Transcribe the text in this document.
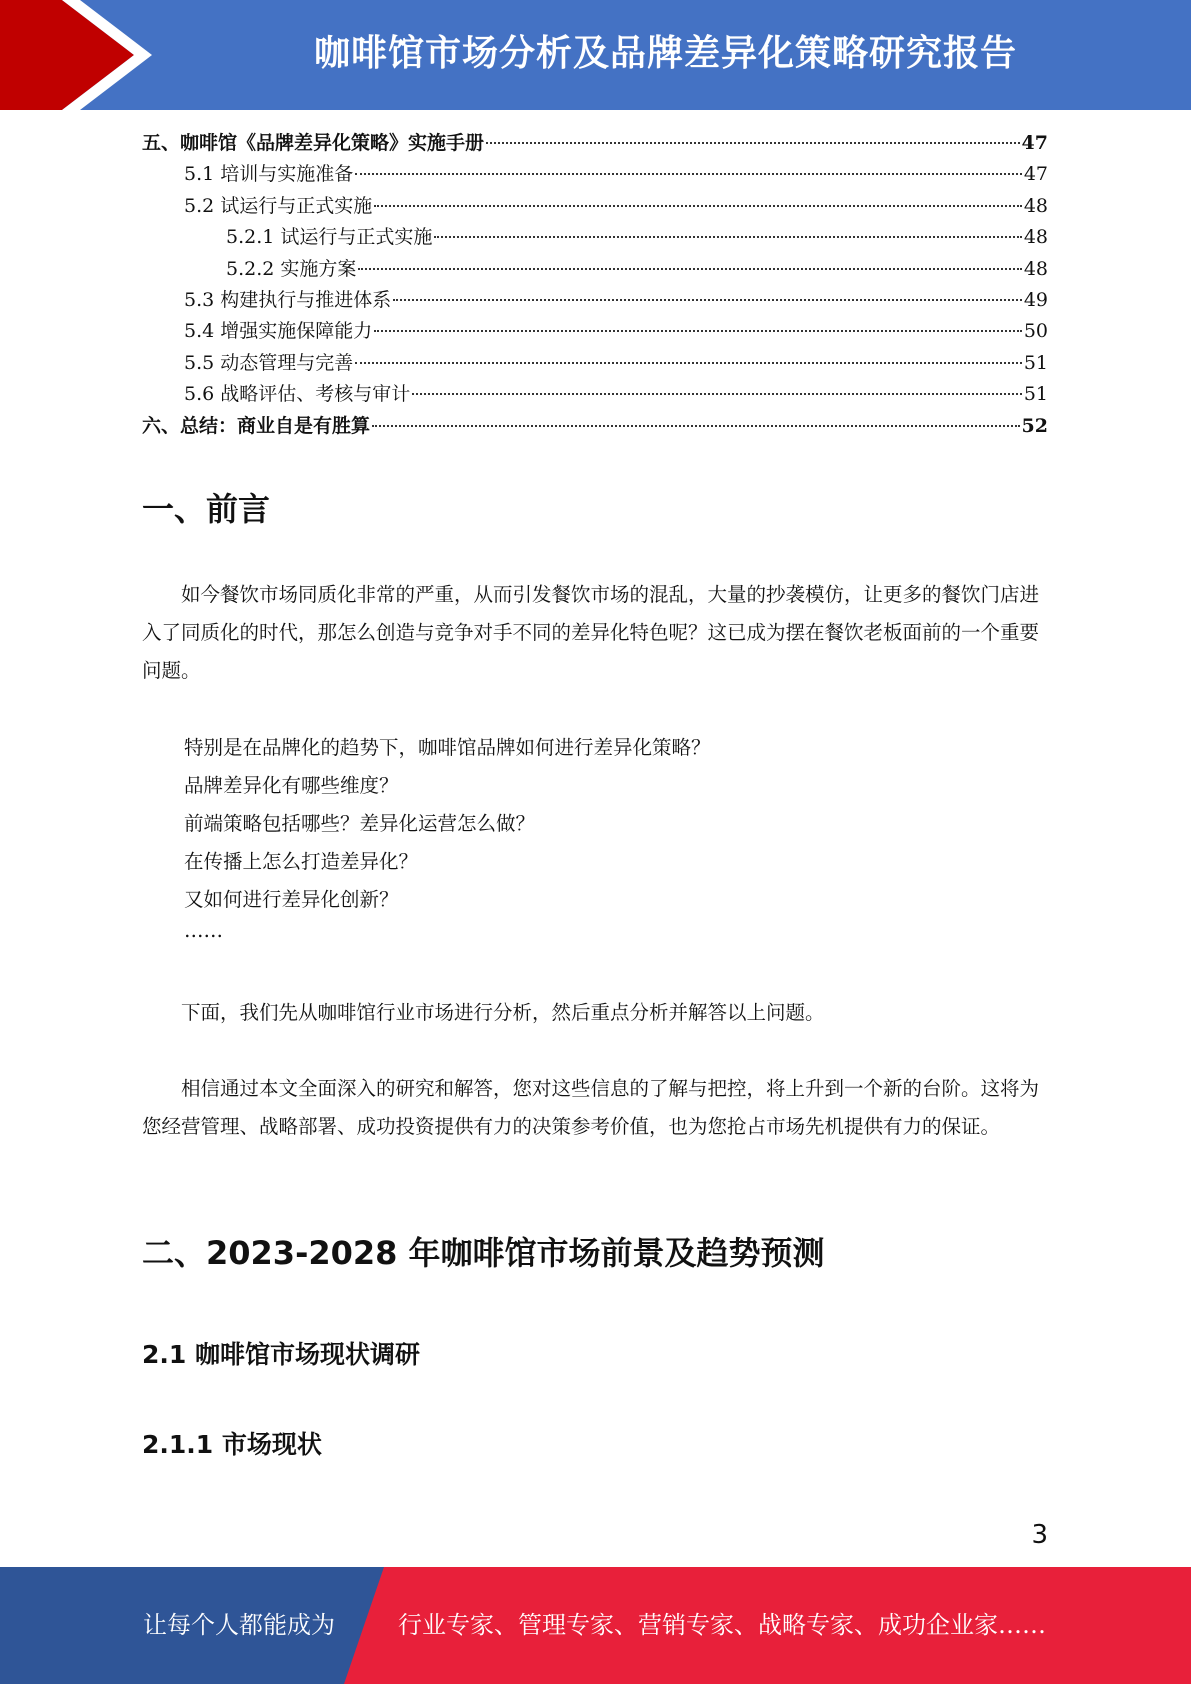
咖啡馆市场分析及品牌差异化策略研究报告
五、咖啡馆《品牌差异化策略》实施手册	47
5.1 培训与实施准备	47
5.2 试运行与正式实施	48
5.2.1 试运行与正式实施	48
5.2.2 实施方案	48
5.3 构建执行与推进体系	49
5.4 增强实施保障能力	50
5.5 动态管理与完善	51
5.6 战略评估、考核与审计	51
六、总结：商业自是有胜算	52
一、前言

如今餐饮市场同质化非常的严重，从而引发餐饮市场的混乱，大量的抄袭模仿，让更多的餐饮门店进入了同质化的时代，那怎么创造与竞争对手不同的差异化特色呢？这已成为摆在餐饮老板面前的一个重要问题。

特别是在品牌化的趋势下，咖啡馆品牌如何进行差异化策略？
品牌差异化有哪些维度？
前端策略包括哪些？差异化运营怎么做？
在传播上怎么打造差异化？
又如何进行差异化创新？
……

下面，我们先从咖啡馆行业市场进行分析，然后重点分析并解答以上问题。

相信通过本文全面深入的研究和解答，您对这些信息的了解与把控，将上升到一个新的台阶。这将为您经营管理、战略部署、成功投资提供有力的决策参考价值，也为您抢占市场先机提供有力的保证。

二、2023-2028 年咖啡馆市场前景及趋势预测
2.1 咖啡馆市场现状调研
2.1.1 市场现状
3
让每个人都能成为	行业专家、管理专家、营销专家、战略专家、成功企业家……
